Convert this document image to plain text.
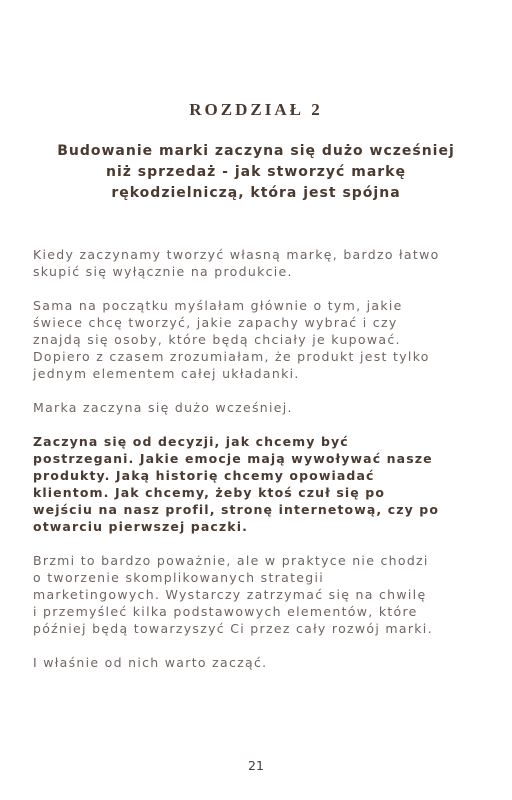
ROZDZIAŁ 2
Budowanie marki zaczyna się dużo wcześniej
niż sprzedaż - jak stworzyć markę
rękodzielniczą, która jest spójna

Kiedy zaczynamy tworzyć własną markę, bardzo łatwo
skupić się wyłącznie na produkcie.

Sama na początku myślałam głównie o tym, jakie
świece chcę tworzyć, jakie zapachy wybrać i czy
znajdą się osoby, które będą chciały je kupować.
Dopiero z czasem zrozumiałam, że produkt jest tylko
jednym elementem całej układanki.

Marka zaczyna się dużo wcześniej.

Zaczyna się od decyzji, jak chcemy być
postrzegani. Jakie emocje mają wywoływać nasze
produkty. Jaką historię chcemy opowiadać
klientom. Jak chcemy, żeby ktoś czuł się po
wejściu na nasz profil, stronę internetową, czy po
otwarciu pierwszej paczki.

Brzmi to bardzo poważnie, ale w praktyce nie chodzi
o tworzenie skomplikowanych strategii
marketingowych. Wystarczy zatrzymać się na chwilę
i przemyśleć kilka podstawowych elementów, które
później będą towarzyszyć Ci przez cały rozwój marki.

I właśnie od nich warto zacząć.

21
